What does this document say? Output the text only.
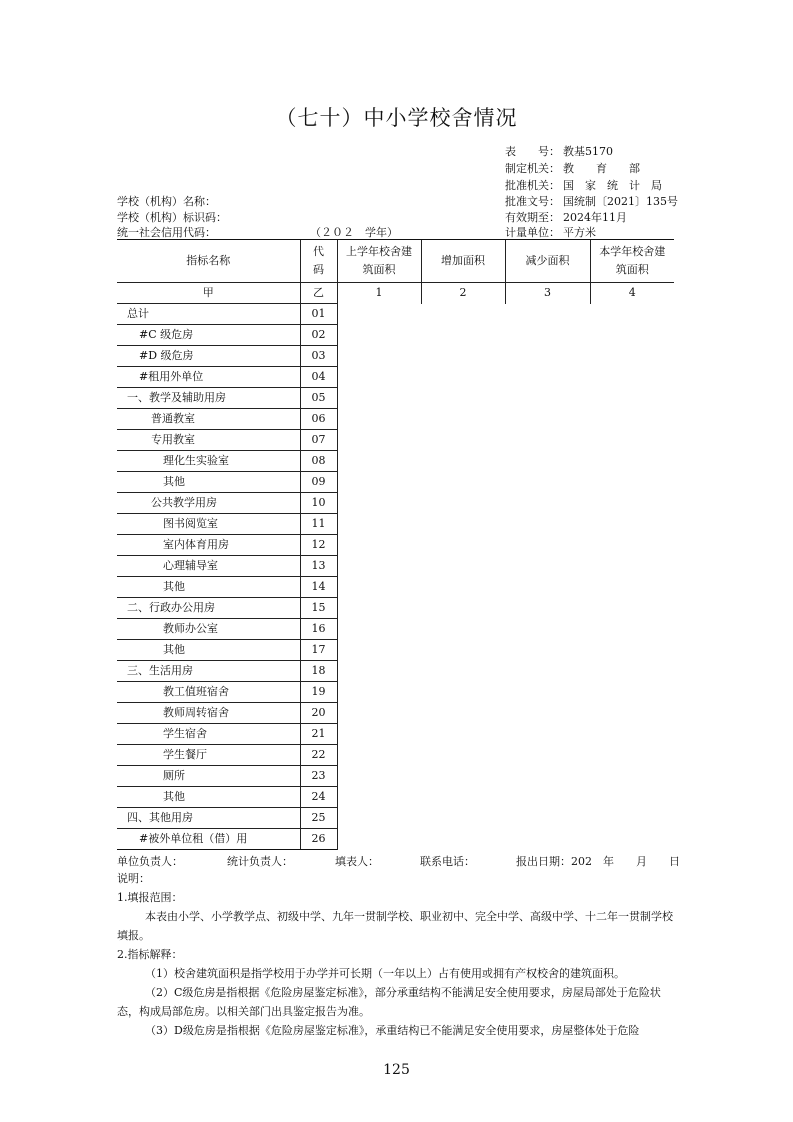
（七十）中小学校舍情况
表　　号： 教基5170
制定机关： 教　　育　　部
批准机关： 国　家　统　计　局
批准文号： 国统制〔2021〕135号
有效期至： 2024年11月
计量单位： 平方米
学校（机构）名称：
学校（机构）标识码：
统一社会信用代码：	（２０２　学年）
指标名称	代码	上学年校舍建筑面积	增加面积	减少面积	本学年校舍建筑面积

甲	乙	1	2	3	4
总计	01				
#C 级危房	02				
#D 级危房	03				
#租用外单位	04				
一、教学及辅助用房	05				
普通教室	06				
专用教室	07				
理化生实验室	08				
其他	09				
公共教学用房	10				
图书阅览室	11				
室内体育用房	12				
心理辅导室	13				
其他	14				
二、行政办公用房	15				
教师办公室	16				
其他	17				
三、生活用房	18				
教工值班宿舍	19				
教师周转宿舍	20				
学生宿舍	21				
学生餐厅	22				
厕所	23				
其他	24				
四、其他用房	25				
#被外单位租（借）用	26				
单位负责人：	统计负责人：	填表人：	联系电话：	报出日期：202　年　　月　　日
说明：
1.填报范围：
本表由小学、小学教学点、初级中学、九年一贯制学校、职业初中、完全中学、高级中学、十二年一贯制学校填报。
2.指标解释：
（1）校舍建筑面积是指学校用于办学并可长期（一年以上）占有使用或拥有产权校舍的建筑面积。
（2）C级危房是指根据《危险房屋鉴定标准》，部分承重结构不能满足安全使用要求，房屋局部处于危险状态，构成局部危房。以相关部门出具鉴定报告为准。
（3）D级危房是指根据《危险房屋鉴定标准》，承重结构已不能满足安全使用要求，房屋整体处于危险
125
